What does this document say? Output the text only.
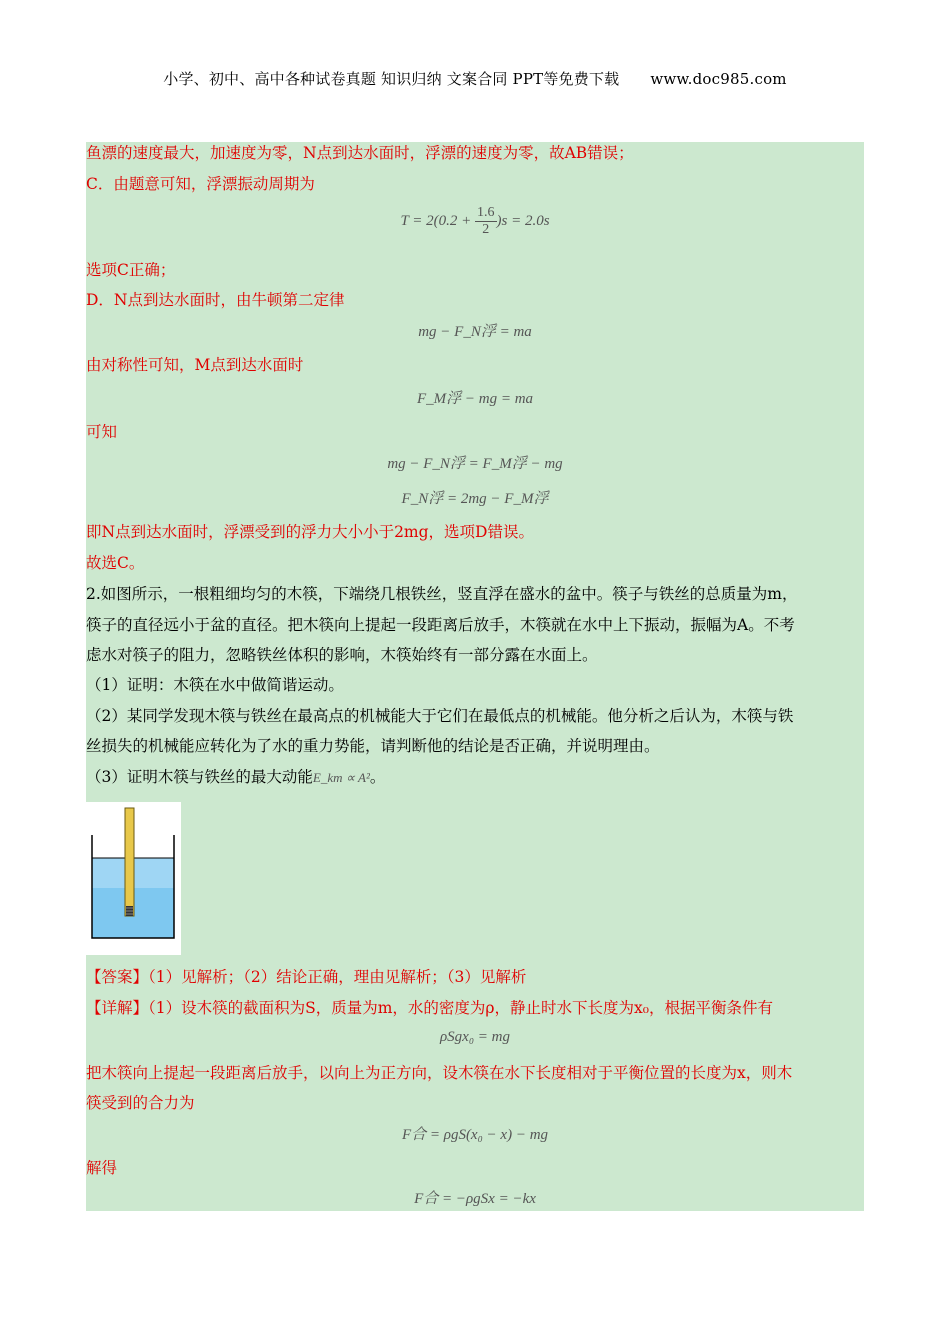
小学、初中、高中各种试卷真题 知识归纳 文案合同 PPT等免费下载 www.doc985.com
鱼漂的速度最大，加速度为零，N点到达水面时，浮漂的速度为零，故AB错误；
C．由题意可知，浮漂振动周期为
$T = 2(0.2 + \frac{1.6}{2} )s = 2.0s$
选项C正确；
D．N点到达水面时，由牛顿第二定律
mg − F_N浮 = ma
由对称性可知，M点到达水面时
F_M浮 − mg = ma
可知
mg − F_N浮 = F_M浮 − mg
F_N浮 = 2mg − F_M浮
即N点到达水面时，浮漂受到的浮力大小小于2mg，选项D错误。
故选C。
2.如图所示，一根粗细均匀的木筷，下端绕几根铁丝，竖直浮在盛水的盆中。筷子与铁丝的总质量为m，
筷子的直径远小于盆的直径。把木筷向上提起一段距离后放手，木筷就在水中上下振动，振幅为A。不考
虑水对筷子的阻力，忽略铁丝体积的影响，木筷始终有一部分露在水面上。
（1）证明：木筷在水中做简谐运动。
（2）某同学发现木筷与铁丝在最高点的机械能大于它们在最低点的机械能。他分析之后认为，木筷与铁
丝损失的机械能应转化为了水的重力势能，请判断他的结论是否正确，并说明理由。
（3）证明木筷与铁丝的最大动能E_km ∝ A²。
【答案】（1）见解析；（2）结论正确，理由见解析；（3）见解析
【详解】（1）设木筷的截面积为S，质量为m，水的密度为ρ，静止时水下长度为x₀，根据平衡条件有
ρSgx₀ = mg
把木筷向上提起一段距离后放手，以向上为正方向，设木筷在水下长度相对于平衡位置的长度为x，则木
筷受到的合力为
F合 = ρgS(x₀ − x) − mg
解得
F合 = −ρgSx = −kx
